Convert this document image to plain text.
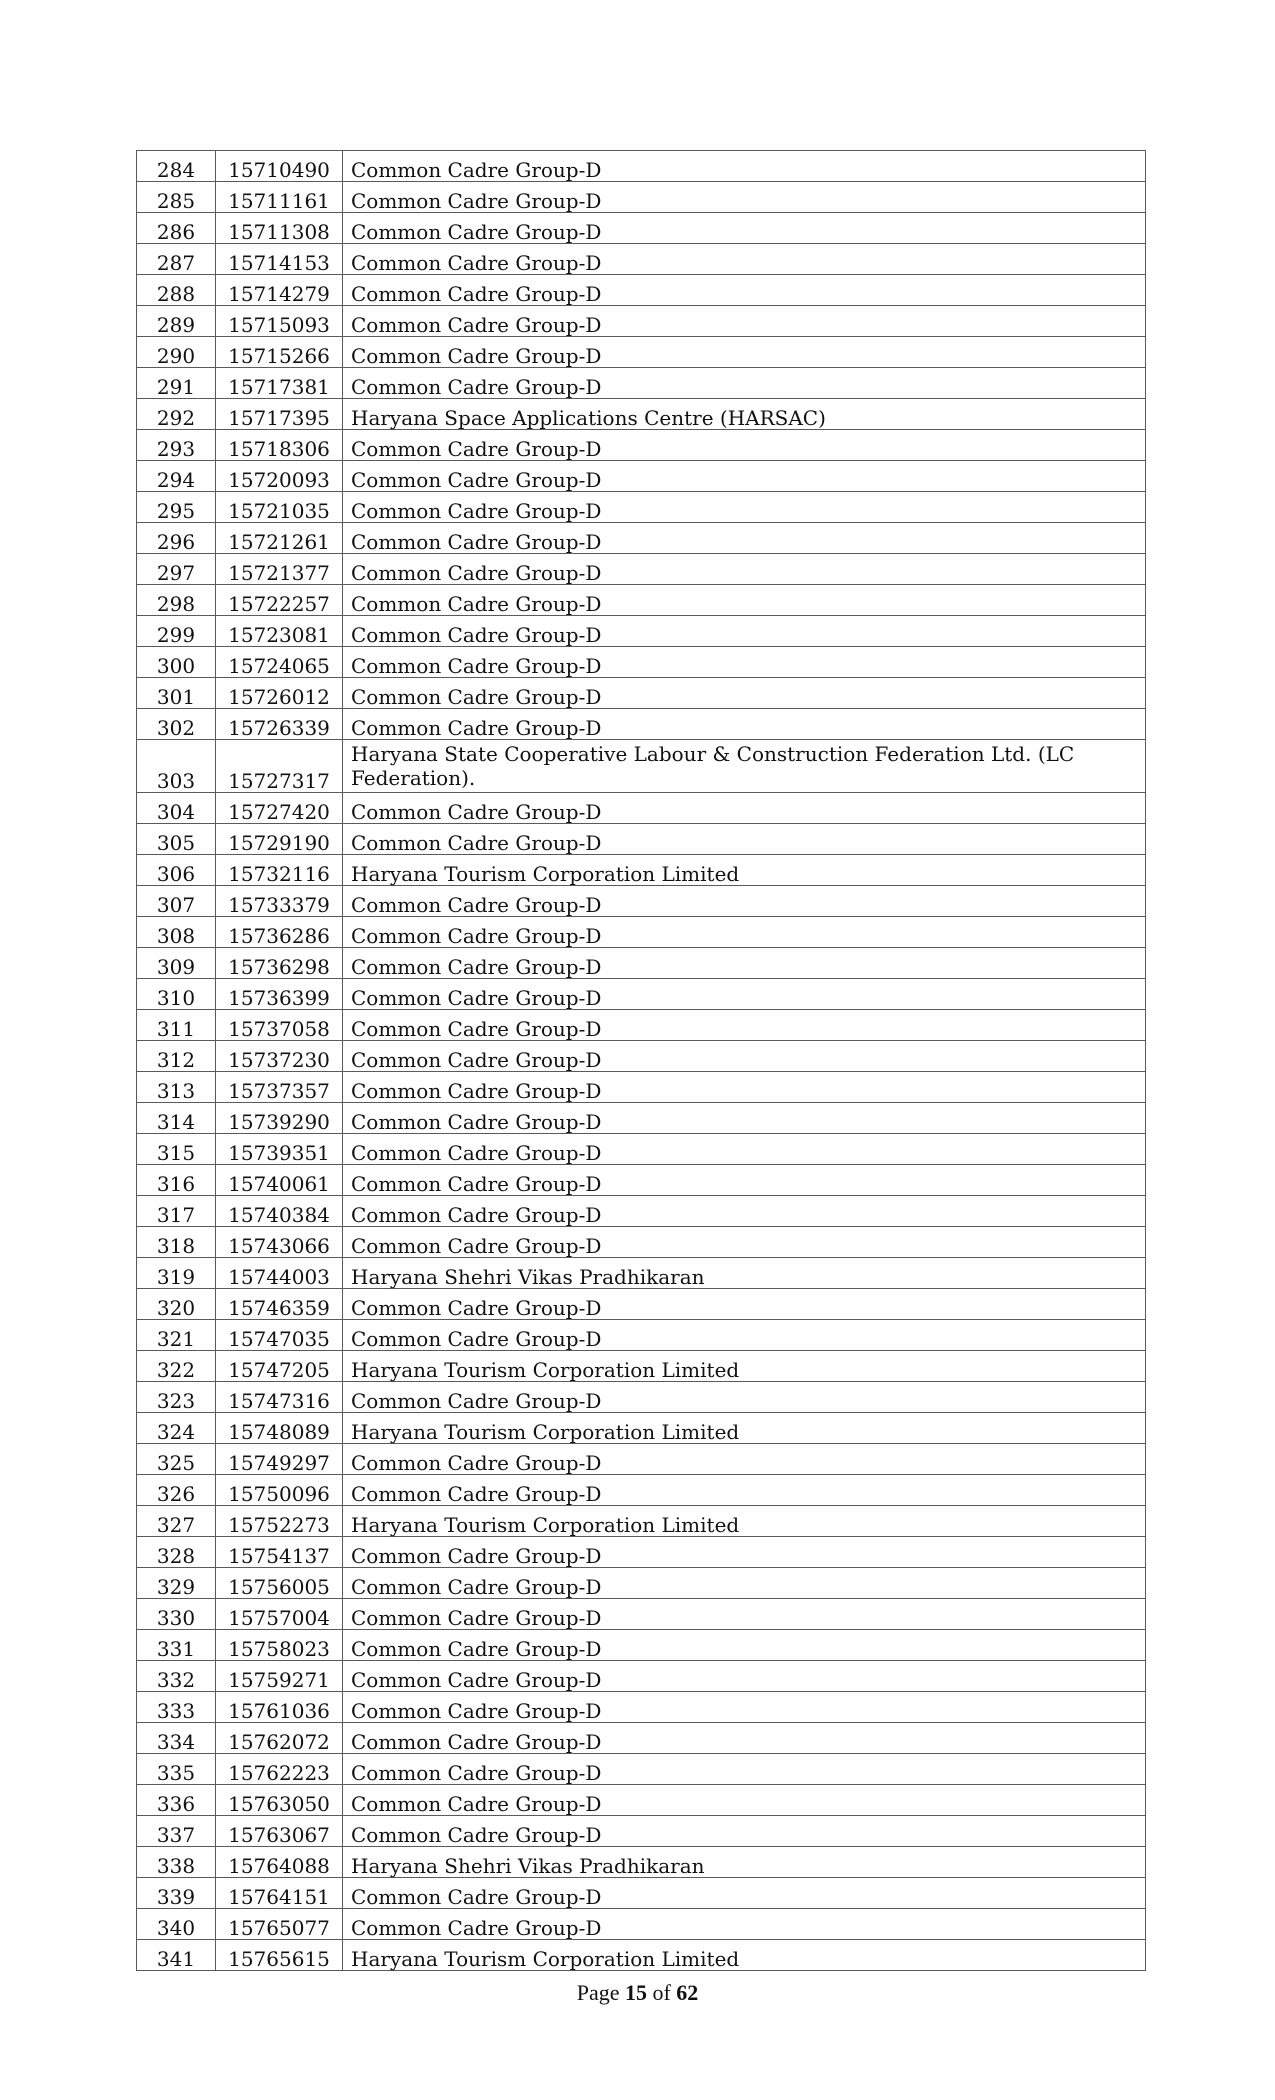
284	15710490	Common Cadre Group-D
285	15711161	Common Cadre Group-D
286	15711308	Common Cadre Group-D
287	15714153	Common Cadre Group-D
288	15714279	Common Cadre Group-D
289	15715093	Common Cadre Group-D
290	15715266	Common Cadre Group-D
291	15717381	Common Cadre Group-D
292	15717395	Haryana Space Applications Centre (HARSAC)
293	15718306	Common Cadre Group-D
294	15720093	Common Cadre Group-D
295	15721035	Common Cadre Group-D
296	15721261	Common Cadre Group-D
297	15721377	Common Cadre Group-D
298	15722257	Common Cadre Group-D
299	15723081	Common Cadre Group-D
300	15724065	Common Cadre Group-D
301	15726012	Common Cadre Group-D
302	15726339	Common Cadre Group-D
303	15727317	Haryana State Cooperative Labour & Construction Federation Ltd. (LC Federation).
304	15727420	Common Cadre Group-D
305	15729190	Common Cadre Group-D
306	15732116	Haryana Tourism Corporation Limited
307	15733379	Common Cadre Group-D
308	15736286	Common Cadre Group-D
309	15736298	Common Cadre Group-D
310	15736399	Common Cadre Group-D
311	15737058	Common Cadre Group-D
312	15737230	Common Cadre Group-D
313	15737357	Common Cadre Group-D
314	15739290	Common Cadre Group-D
315	15739351	Common Cadre Group-D
316	15740061	Common Cadre Group-D
317	15740384	Common Cadre Group-D
318	15743066	Common Cadre Group-D
319	15744003	Haryana Shehri Vikas Pradhikaran
320	15746359	Common Cadre Group-D
321	15747035	Common Cadre Group-D
322	15747205	Haryana Tourism Corporation Limited
323	15747316	Common Cadre Group-D
324	15748089	Haryana Tourism Corporation Limited
325	15749297	Common Cadre Group-D
326	15750096	Common Cadre Group-D
327	15752273	Haryana Tourism Corporation Limited
328	15754137	Common Cadre Group-D
329	15756005	Common Cadre Group-D
330	15757004	Common Cadre Group-D
331	15758023	Common Cadre Group-D
332	15759271	Common Cadre Group-D
333	15761036	Common Cadre Group-D
334	15762072	Common Cadre Group-D
335	15762223	Common Cadre Group-D
336	15763050	Common Cadre Group-D
337	15763067	Common Cadre Group-D
338	15764088	Haryana Shehri Vikas Pradhikaran
339	15764151	Common Cadre Group-D
340	15765077	Common Cadre Group-D
341	15765615	Haryana Tourism Corporation Limited
Page 15 of 62
